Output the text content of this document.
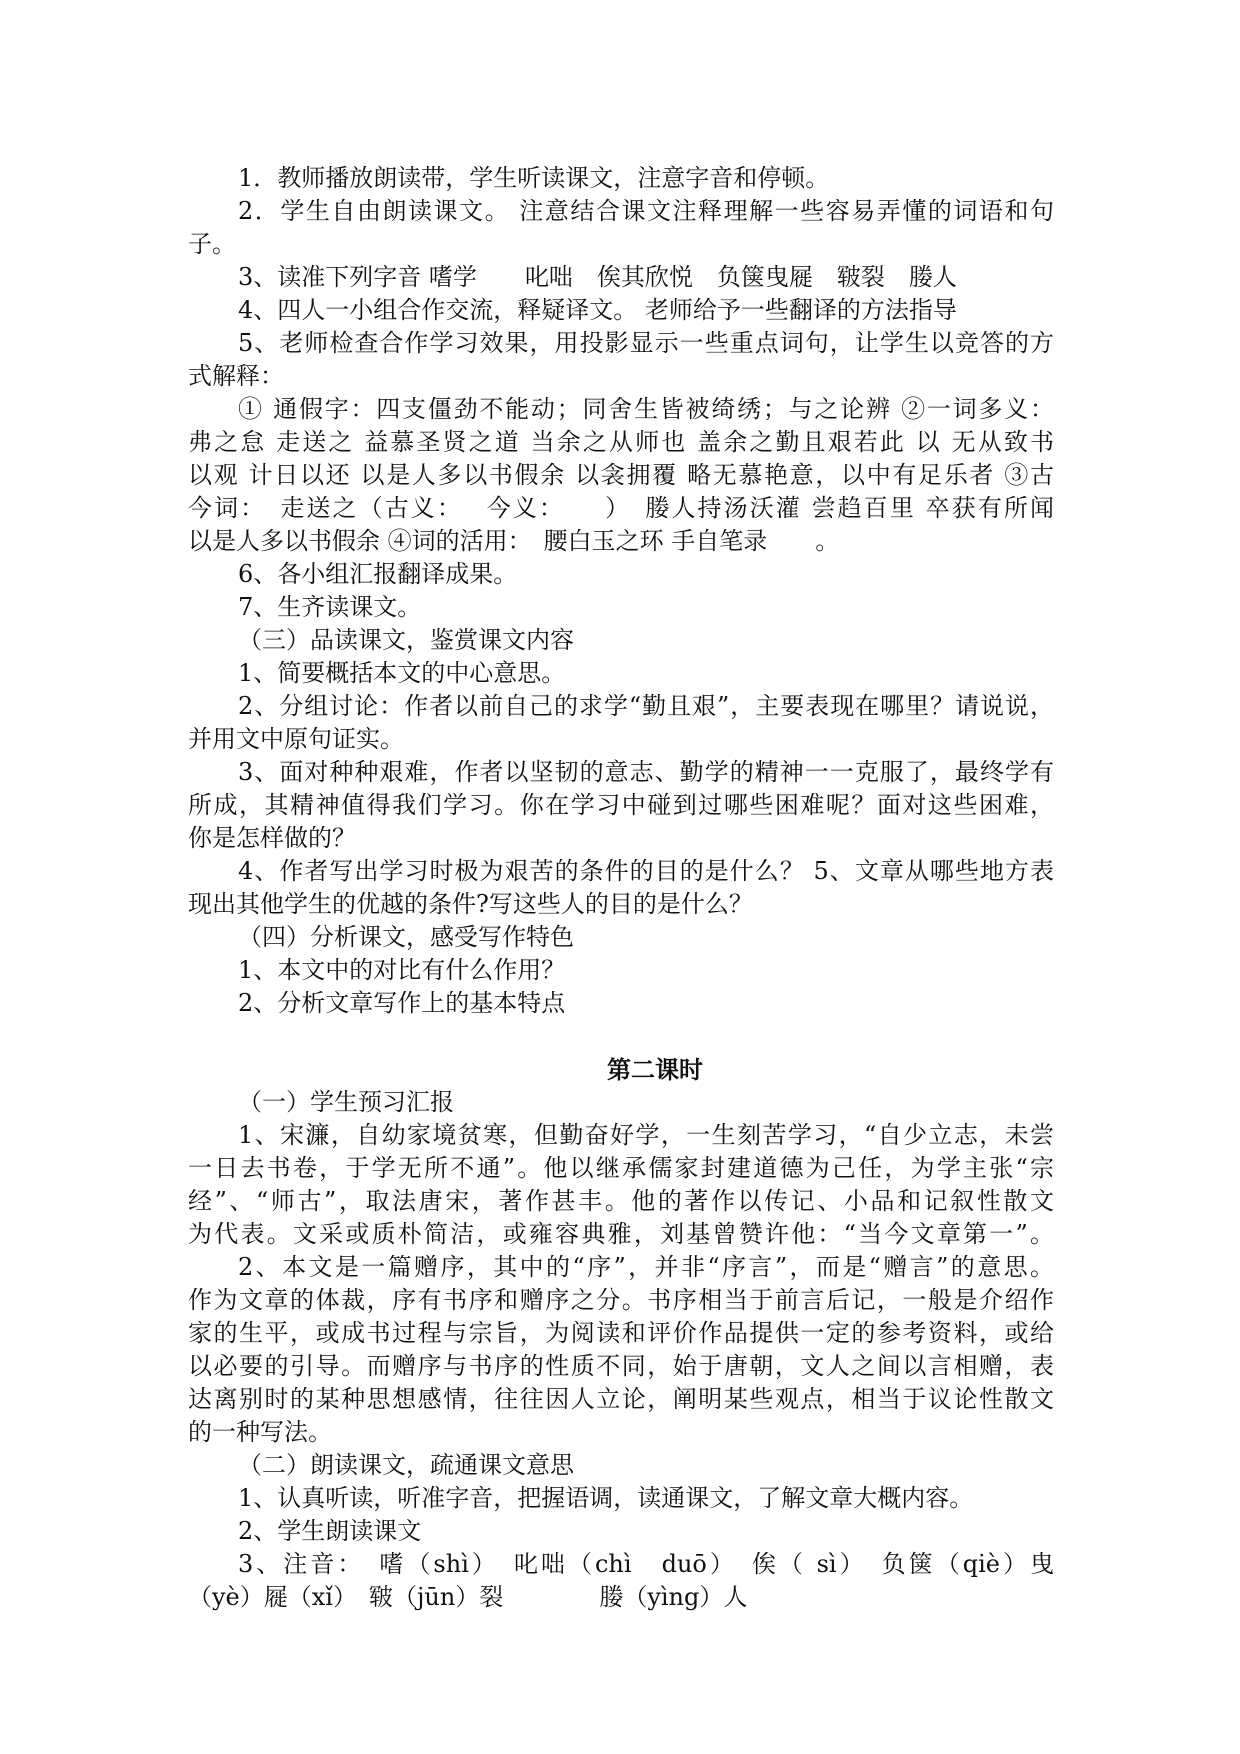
1．教师播放朗读带，学生听读课文，注意字音和停顿。
2．学生自由朗读课文。 注意结合课文注释理解一些容易弄懂的词语和句
子。
3、读准下列字音 嗜学　　叱咄　俟其欣悦　负箧曳屣　皲裂　媵人
4、四人一小组合作交流，释疑译文。 老师给予一些翻译的方法指导
5、老师检查合作学习效果，用投影显示一些重点词句，让学生以竞答的方
式解释：
① 通假字：四支僵劲不能动；同舍生皆被绮绣；与之论辨 ②一词多义：
弗之怠 走送之 益慕圣贤之道 当余之从师也 盖余之勤且艰若此 以 无从致书
以观 计日以还 以是人多以书假余 以衾拥覆 略无慕艳意，以中有足乐者 ③古
今词：　走送之（古义：　 今义：　　）　媵人持汤沃灌 尝趋百里 卒获有所闻
以是人多以书假余 ④词的活用：　腰白玉之环 手自笔录　　。
6、各小组汇报翻译成果。
7、生齐读课文。
（三）品读课文，鉴赏课文内容
1、简要概括本文的中心意思。
2、分组讨论：作者以前自己的求学“勤且艰”，主要表现在哪里？请说说，
并用文中原句证实。
3、面对种种艰难，作者以坚韧的意志、勤学的精神一一克服了，最终学有
所成，其精神值得我们学习。你在学习中碰到过哪些困难呢？面对这些困难，
你是怎样做的？
4、作者写出学习时极为艰苦的条件的目的是什么？ 5、文章从哪些地方表
现出其他学生的优越的条件?写这些人的目的是什么？
（四）分析课文，感受写作特色
1、本文中的对比有什么作用？
2、分析文章写作上的基本特点
第二课时
（一）学生预习汇报
1、宋濂，自幼家境贫寒，但勤奋好学，一生刻苦学习，“自少立志，未尝
一日去书卷，于学无所不通”。他以继承儒家封建道德为己任，为学主张“宗
经”、“师古”，取法唐宋，著作甚丰。他的著作以传记、小品和记叙性散文
为代表。文采或质朴简洁，或雍容典雅，刘基曾赞许他：“当今文章第一”。
2、本文是一篇赠序，其中的“序”，并非“序言”，而是“赠言”的意思。
作为文章的体裁，序有书序和赠序之分。书序相当于前言后记，一般是介绍作
家的生平，或成书过程与宗旨，为阅读和评价作品提供一定的参考资料，或给
以必要的引导。而赠序与书序的性质不同，始于唐朝，文人之间以言相赠，表
达离别时的某种思想感情，往往因人立论，阐明某些观点，相当于议论性散文
的一种写法。
（二）朗读课文，疏通课文意思
1、认真听读，听准字音，把握语调，读通课文，了解文章大概内容。
2、学生朗读课文
3、注音：　嗜（shì）　叱咄（chì　duō）　俟（ sì）　负箧（qiè）曳
（yè）屣（xǐ）　皲（jūn）裂　　　　媵（yìng）人
